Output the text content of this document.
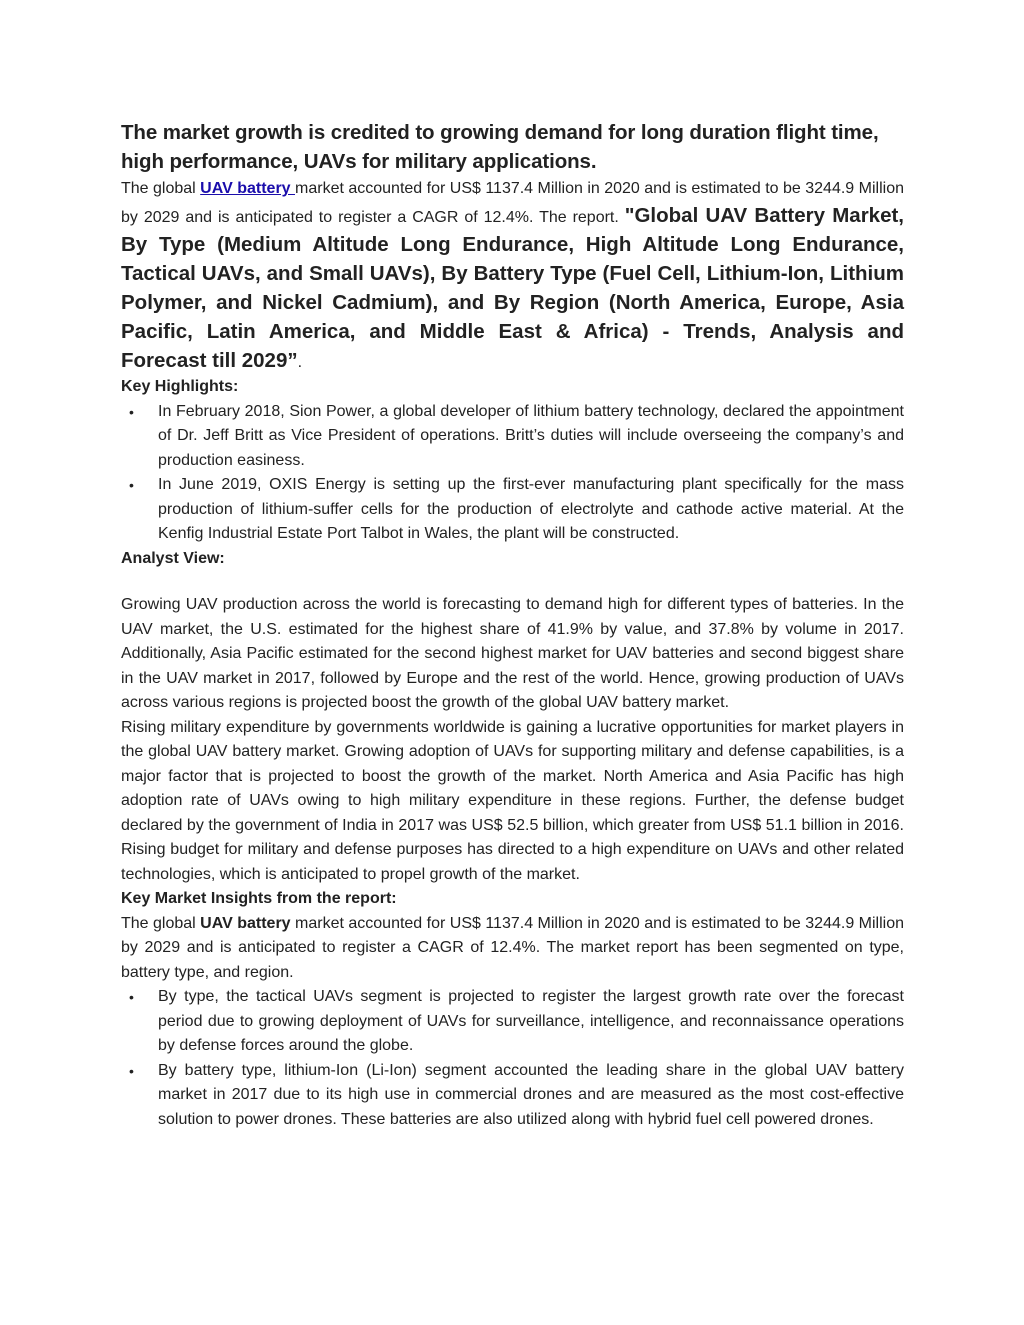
The market growth is credited to growing demand for long duration flight time, high performance, UAVs for military applications.

The global UAV battery market accounted for US$ 1137.4 Million in 2020 and is estimated to be 3244.9 Million by 2029 and is anticipated to register a CAGR of 12.4%. The report. "Global UAV Battery Market, By Type (Medium Altitude Long Endurance, High Altitude Long Endurance, Tactical UAVs, and Small UAVs), By Battery Type (Fuel Cell, Lithium-Ion, Lithium Polymer, and Nickel Cadmium), and By Region (North America, Europe, Asia Pacific, Latin America, and Middle East & Africa) - Trends, Analysis and Forecast till 2029”.

Key Highlights:

• In February 2018, Sion Power, a global developer of lithium battery technology, declared the appointment of Dr. Jeff Britt as Vice President of operations. Britt’s duties will include overseeing the company’s and production easiness.
• In June 2019, OXIS Energy is setting up the first-ever manufacturing plant specifically for the mass production of lithium-suffer cells for the production of electrolyte and cathode active material. At the Kenfig Industrial Estate Port Talbot in Wales, the plant will be constructed.

Analyst View:

Growing UAV production across the world is forecasting to demand high for different types of batteries. In the UAV market, the U.S. estimated for the highest share of 41.9% by value, and 37.8% by volume in 2017. Additionally, Asia Pacific estimated for the second highest market for UAV batteries and second biggest share in the UAV market in 2017, followed by Europe and the rest of the world. Hence, growing production of UAVs across various regions is projected boost the growth of the global UAV battery market.

Rising military expenditure by governments worldwide is gaining a lucrative opportunities for market players in the global UAV battery market. Growing adoption of UAVs for supporting military and defense capabilities, is a major factor that is projected to boost the growth of the market. North America and Asia Pacific has high adoption rate of UAVs owing to high military expenditure in these regions. Further, the defense budget declared by the government of India in 2017 was US$ 52.5 billion, which greater from US$ 51.1 billion in 2016. Rising budget for military and defense purposes has directed to a high expenditure on UAVs and other related technologies, which is anticipated to propel growth of the market.

Key Market Insights from the report:

The global UAV battery market accounted for US$ 1137.4 Million in 2020 and is estimated to be 3244.9 Million by 2029 and is anticipated to register a CAGR of 12.4%. The market report has been segmented on type, battery type, and region.

• By type, the tactical UAVs segment is projected to register the largest growth rate over the forecast period due to growing deployment of UAVs for surveillance, intelligence, and reconnaissance operations by defense forces around the globe.
• By battery type, lithium-Ion (Li-Ion) segment accounted the leading share in the global UAV battery market in 2017 due to its high use in commercial drones and are measured as the most cost-effective solution to power drones. These batteries are also utilized along with hybrid fuel cell powered drones.
